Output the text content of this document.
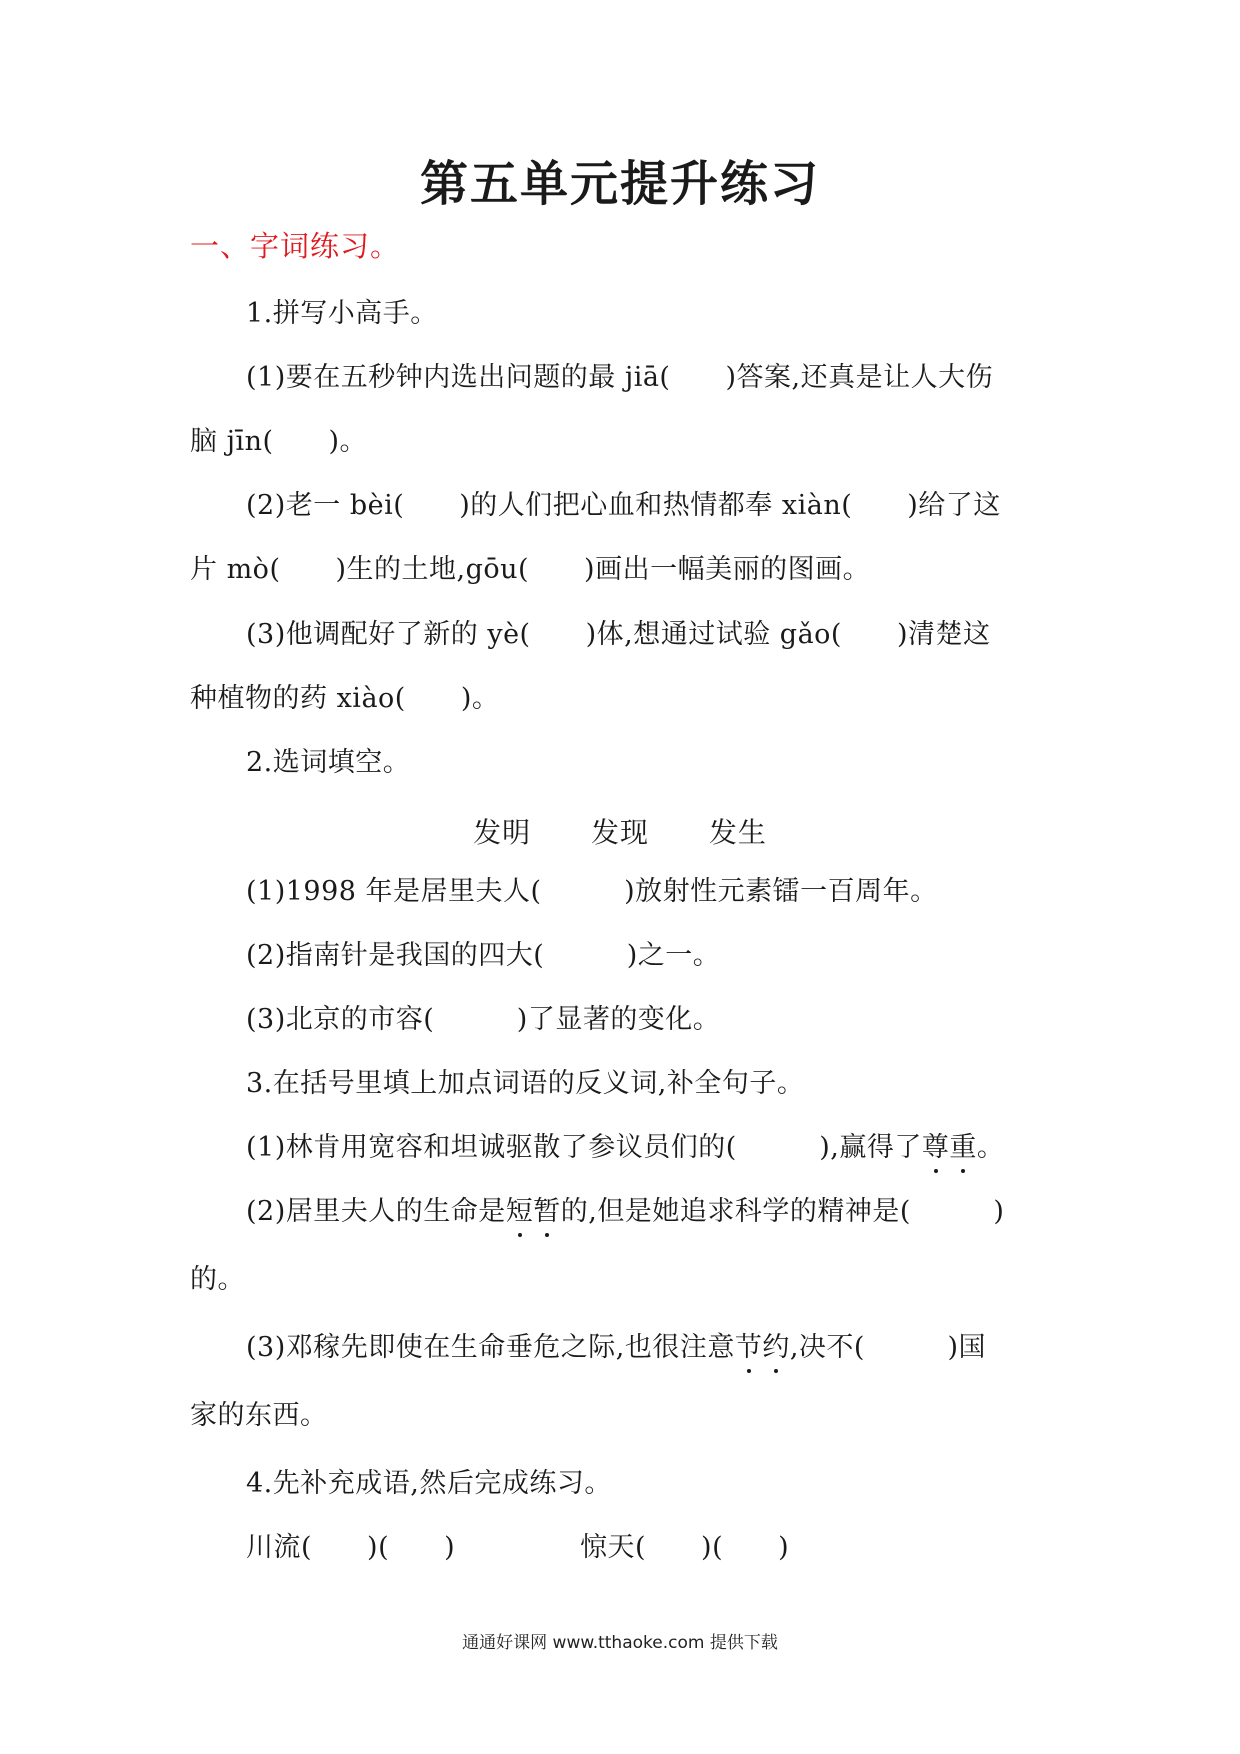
第五单元提升练习
一、字词练习。
1.拼写小高手。
(1)要在五秒钟内选出问题的最 jiā(　　)答案,还真是让人大伤
脑 jīn(　　)。
(2)老一 bèi(　　)的人们把心血和热情都奉 xiàn(　　)给了这
片 mò(　　)生的土地,gōu(　　)画出一幅美丽的图画。
(3)他调配好了新的 yè(　　)体,想通过试验 gǎo(　　)清楚这
种植物的药 xiào(　　)。
2.选词填空。
发明 发现 发生
(1)1998 年是居里夫人(　　　)放射性元素镭一百周年。
(2)指南针是我国的四大(　　　)之一。
(3)北京的市容(　　　)了显著的变化。
3.在括号里填上加点词语的反义词,补全句子。
(1)林肯用宽容和坦诚驱散了参议员们的(　　　),赢得了尊重。
(2)居里夫人的生命是短暂的,但是她追求科学的精神是(　　　)
的。
(3)邓稼先即使在生命垂危之际,也很注意节约,决不(　　　)国
家的东西。
4.先补充成语,然后完成练习。
川流(　　)(　　)	惊天(　　)(　　)
通通好课网 www.tthaoke.com 提供下载
